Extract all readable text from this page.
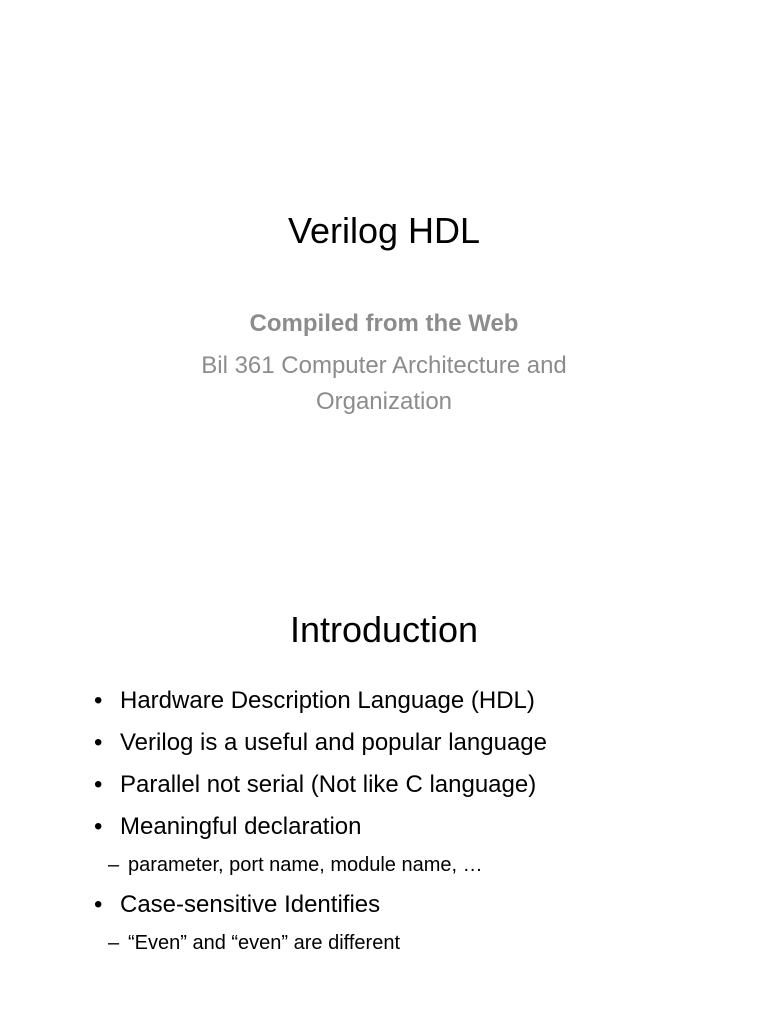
Verilog HDL
Compiled from the Web
Bil 361 Computer Architecture and Organization
Introduction
• Hardware Description Language (HDL)
• Verilog is a useful and popular language
• Parallel not serial (Not like C language)
• Meaningful declaration
– parameter, port name, module name, …
• Case-sensitive Identifies
– “Even” and “even” are different
